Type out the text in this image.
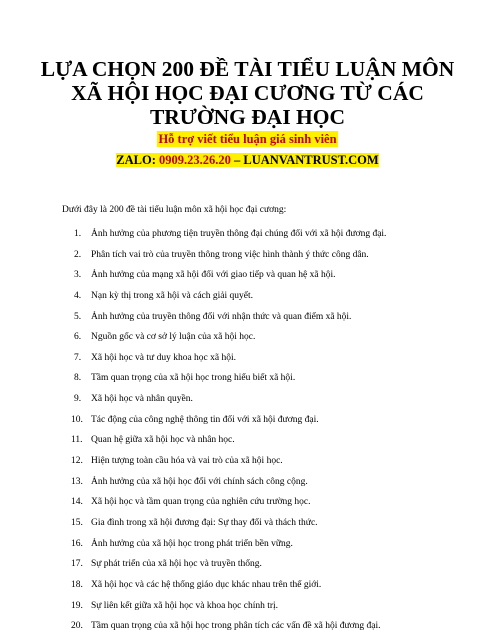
LỰA CHỌN 200 ĐỀ TÀI TIỂU LUẬN MÔN XÃ HỘI HỌC ĐẠI CƯƠNG TỪ CÁC TRƯỜNG ĐẠI HỌC
Hỗ trợ viết tiểu luận giá sinh viên
ZALO: 0909.23.26.20 – LUANVANTRUST.COM
Dưới đây là 200 đề tài tiểu luận môn xã hội học đại cương:
1. Ảnh hưởng của phương tiện truyền thông đại chúng đối với xã hội đương đại.
2. Phân tích vai trò của truyền thông trong việc hình thành ý thức công dân.
3. Ảnh hưởng của mạng xã hội đối với giao tiếp và quan hệ xã hội.
4. Nạn kỳ thị trong xã hội và cách giải quyết.
5. Ảnh hưởng của truyền thông đối với nhận thức và quan điểm xã hội.
6. Nguồn gốc và cơ sở lý luận của xã hội học.
7. Xã hội học và tư duy khoa học xã hội.
8. Tầm quan trọng của xã hội học trong hiểu biết xã hội.
9. Xã hội học và nhân quyền.
10. Tác động của công nghệ thông tin đối với xã hội đương đại.
11. Quan hệ giữa xã hội học và nhân học.
12. Hiện tượng toàn cầu hóa và vai trò của xã hội học.
13. Ảnh hưởng của xã hội học đối với chính sách công cộng.
14. Xã hội học và tầm quan trọng của nghiên cứu trường học.
15. Gia đình trong xã hội đương đại: Sự thay đổi và thách thức.
16. Ảnh hưởng của xã hội học trong phát triển bền vững.
17. Sự phát triển của xã hội học và truyền thống.
18. Xã hội học và các hệ thống giáo dục khác nhau trên thế giới.
19. Sự liên kết giữa xã hội học và khoa học chính trị.
20. Tầm quan trọng của xã hội học trong phân tích các vấn đề xã hội đương đại.
